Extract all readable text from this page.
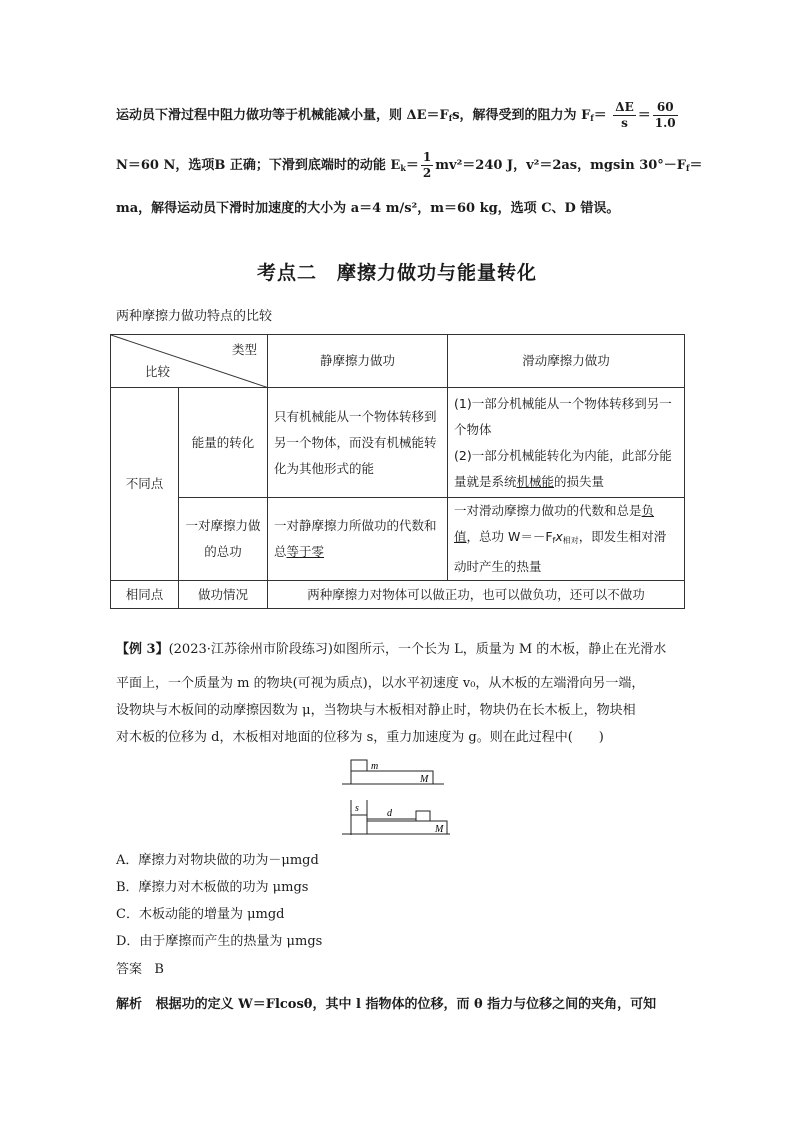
运动员下滑过程中阻力做功等于机械能减小量，则 $\Delta E=F_fs$，解得受到的阻力为 $F_f= \frac{\Delta E}{s} = \frac{60}{1.0}$
N＝60 N，选项B 正确；下滑到底端时的动能 $E_k= \frac{1}{2} mv^2=240$ J，v²＝2as，mgsin $30^\circ-F_f=$
ma，解得运动员下滑时加速度的大小为 a＝4 m/s²，m＝60 kg，选项 C、D 错误。
考点二　摩擦力做功与能量转化
两种摩擦力做功特点的比较
类型
比较		静摩擦力做功	滑动摩擦力做功
不同点	能量的转化	只有机械能从一个物体转移到另一个物体，而没有机械能转化为其他形式的能	(1)一部分机械能从一个物体转移到另一个物体
(2)一部分机械能转化为内能，此部分能量就是系统机械能的损失量
	一对摩擦力做的总功	一对静摩擦力所做功的代数和总等于零	一对滑动摩擦力做功的代数和总是负值，总功 $W=-F_fx_{相对}$，即发生相对滑动时产生的热量
相同点	做功情况	两种摩擦力对物体可以做正功，也可以做负功，还可以不做功	
【例 3】(2023·江苏徐州市阶段练习)如图所示，一个长为 L，质量为 M 的木板，静止在光滑水
平面上，一个质量为 m 的物块(可视为质点)，以水平初速度 v₀，从木板的左端滑向另一端，
设物块与木板间的动摩擦因数为 μ，当物块与木板相对静止时，物块仍在长木板上，物块相
对木板的位移为 d，木板相对地面的位移为 s，重力加速度为 g。则在此过程中(　　)
m
M
s	d
M
A．摩擦力对物块做的功为－μmgd
B．摩擦力对木板做的功为 μmgs
C．木板动能的增量为 μmgd
D．由于摩擦而产生的热量为 μmgs
答案 B
解析 根据功的定义 W＝Flcosθ，其中 l 指物体的位移，而 θ 指力与位移之间的夹角，可知
